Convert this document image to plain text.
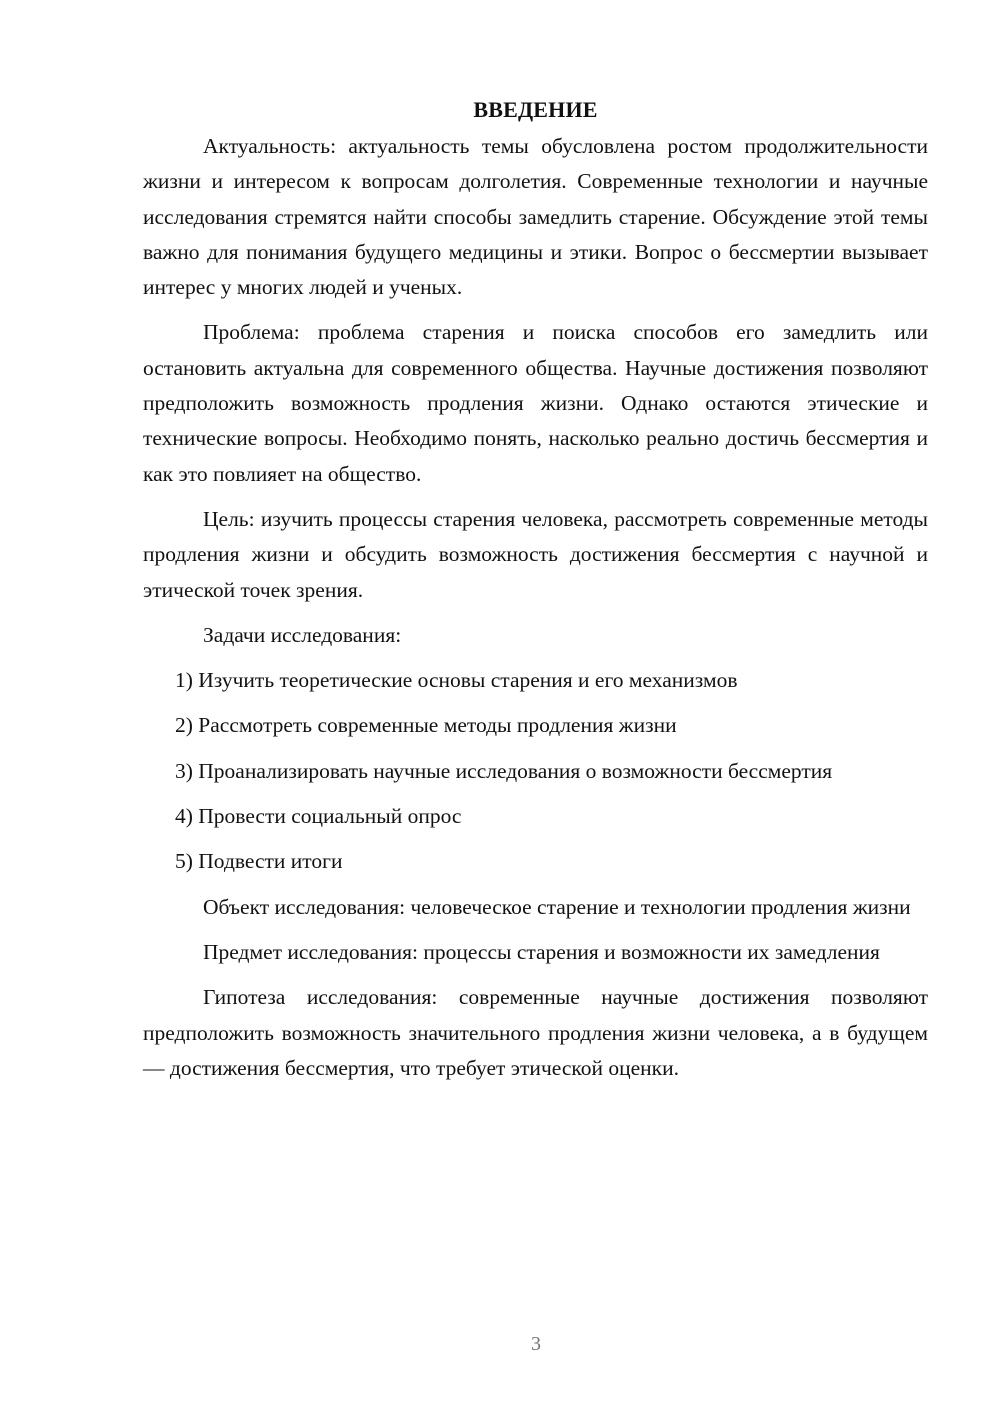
ВВЕДЕНИЕ

Актуальность: актуальность темы обусловлена ростом продолжительности жизни и интересом к вопросам долголетия. Современные технологии и научные исследования стремятся найти способы замедлить старение. Обсуждение этой темы важно для понимания будущего медицины и этики. Вопрос о бессмертии вызывает интерес у многих людей и ученых.

Проблема: проблема старения и поиска способов его замедлить или остановить актуальна для современного общества. Научные достижения позволяют предположить возможность продления жизни. Однако остаются этические и технические вопросы. Необходимо понять, насколько реально достичь бессмертия и как это повлияет на общество.

Цель: изучить процессы старения человека, рассмотреть современные методы продления жизни и обсудить возможность достижения бессмертия с научной и этической точек зрения.

Задачи исследования:

1) Изучить теоретические основы старения и его механизмов

2) Рассмотреть современные методы продления жизни

3) Проанализировать научные исследования о возможности бессмертия

4) Провести социальный опрос

5) Подвести итоги

Объект исследования: человеческое старение и технологии продления жизни

Предмет исследования: процессы старения и возможности их замедления

Гипотеза исследования: современные научные достижения позволяют предположить возможность значительного продления жизни человека, а в будущем — достижения бессмертия, что требует этической оценки.

3
